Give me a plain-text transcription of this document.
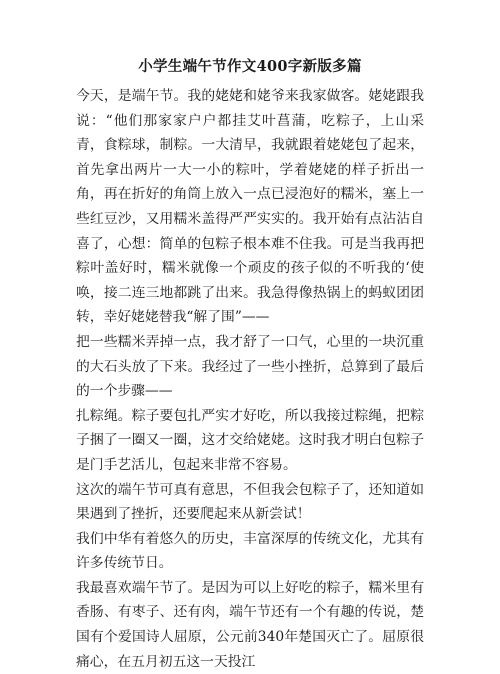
小学生端午节作文400字新版多篇

今天，是端午节。我的姥姥和姥爷来我家做客。姥姥跟我说：“他们那家家户户都挂艾叶菖蒲，吃粽子，上山采青，食粽球，制粽。一大清早，我就跟着姥姥包了起来，首先拿出两片一大一小的粽叶，学着姥姥的样子折出一角，再在折好的角筒上放入一点已浸泡好的糯米，塞上一些红豆沙，又用糯米盖得严严实实的。我开始有点沾沾自喜了，心想：简单的包粽子根本难不住我。可是当我再把粽叶盖好时，糯米就像一个顽皮的孩子似的不听我的‘使唤，接二连三地都跳了出来。我急得像热锅上的蚂蚁团团转，幸好姥姥替我“解了围”——

把一些糯米弄掉一点，我才舒了一口气，心里的一块沉重的大石头放了下来。我经过了一些小挫折，总算到了最后的一个步骤——

扎粽绳。粽子要包扎严实才好吃，所以我接过粽绳，把粽子捆了一圈又一圈，这才交给姥姥。这时我才明白包粽子是门手艺活儿，包起来非常不容易。

这次的端午节可真有意思，不但我会包粽子了，还知道如果遇到了挫折，还要爬起来从新尝试！

我们中华有着悠久的历史，丰富深厚的传统文化，尤其有许多传统节日。

我最喜欢端午节了。是因为可以上好吃的粽子，糯米里有香肠、有枣子、还有肉，端午节还有一个有趣的传说，楚国有个爱国诗人屈原，公元前340年楚国灭亡了。屈原很痛心，在五月初五这一天投江
